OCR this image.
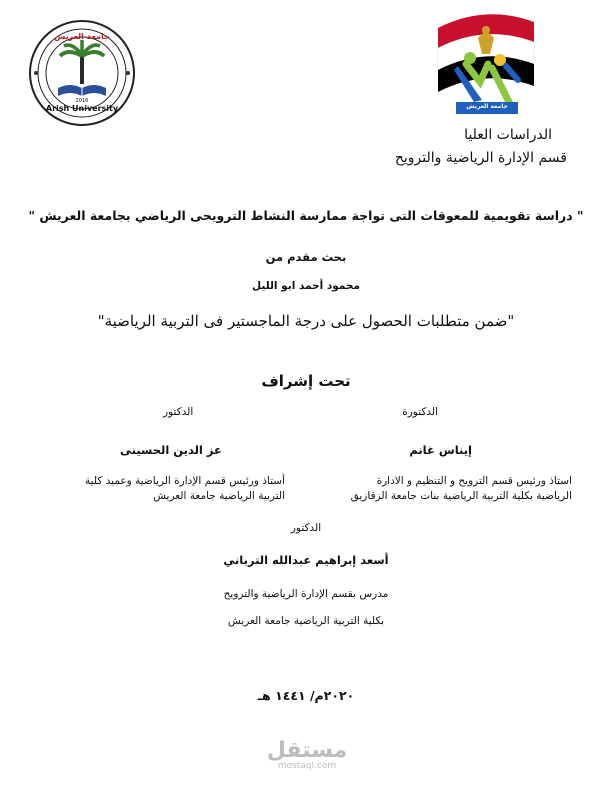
جامعة العريش
2016
Arish University	جامعة العريش
الدراسات العليا
قسم الإدارة الرياضية والترويح
" دراسة تقويمية للمعوقات التى تواجة ممارسة النشاط الترويحى الرياضي بجامعة العريش "
بحث مقدم من
محمود أحمد ابو الليل
"ضمن متطلبات الحصول على درجة الماجستير فى التربية الرياضية"
تحت إشراف
الدكتورة
الدكتور
إيناس غانم
عز الدين الحسينى
استاذ ورئيس قسم الترويح و التنظيم و الادارة الرياضية بكلية التربية الرياضية بنات جامعة الزقازيق
أستاذ ورئيس قسم الإدارة الرياضية وعميد كلية التربية الرياضية جامعة العريش
الدكتور
أسعد إبراهيم عبدالله الترباني
مدرس بقسم الإدارة الرياضية والترويح
بكلية التربية الرياضية جامعة العريش
٢٠٢٠م/ ١٤٤١ هـ
مستقل
mostaql.com
